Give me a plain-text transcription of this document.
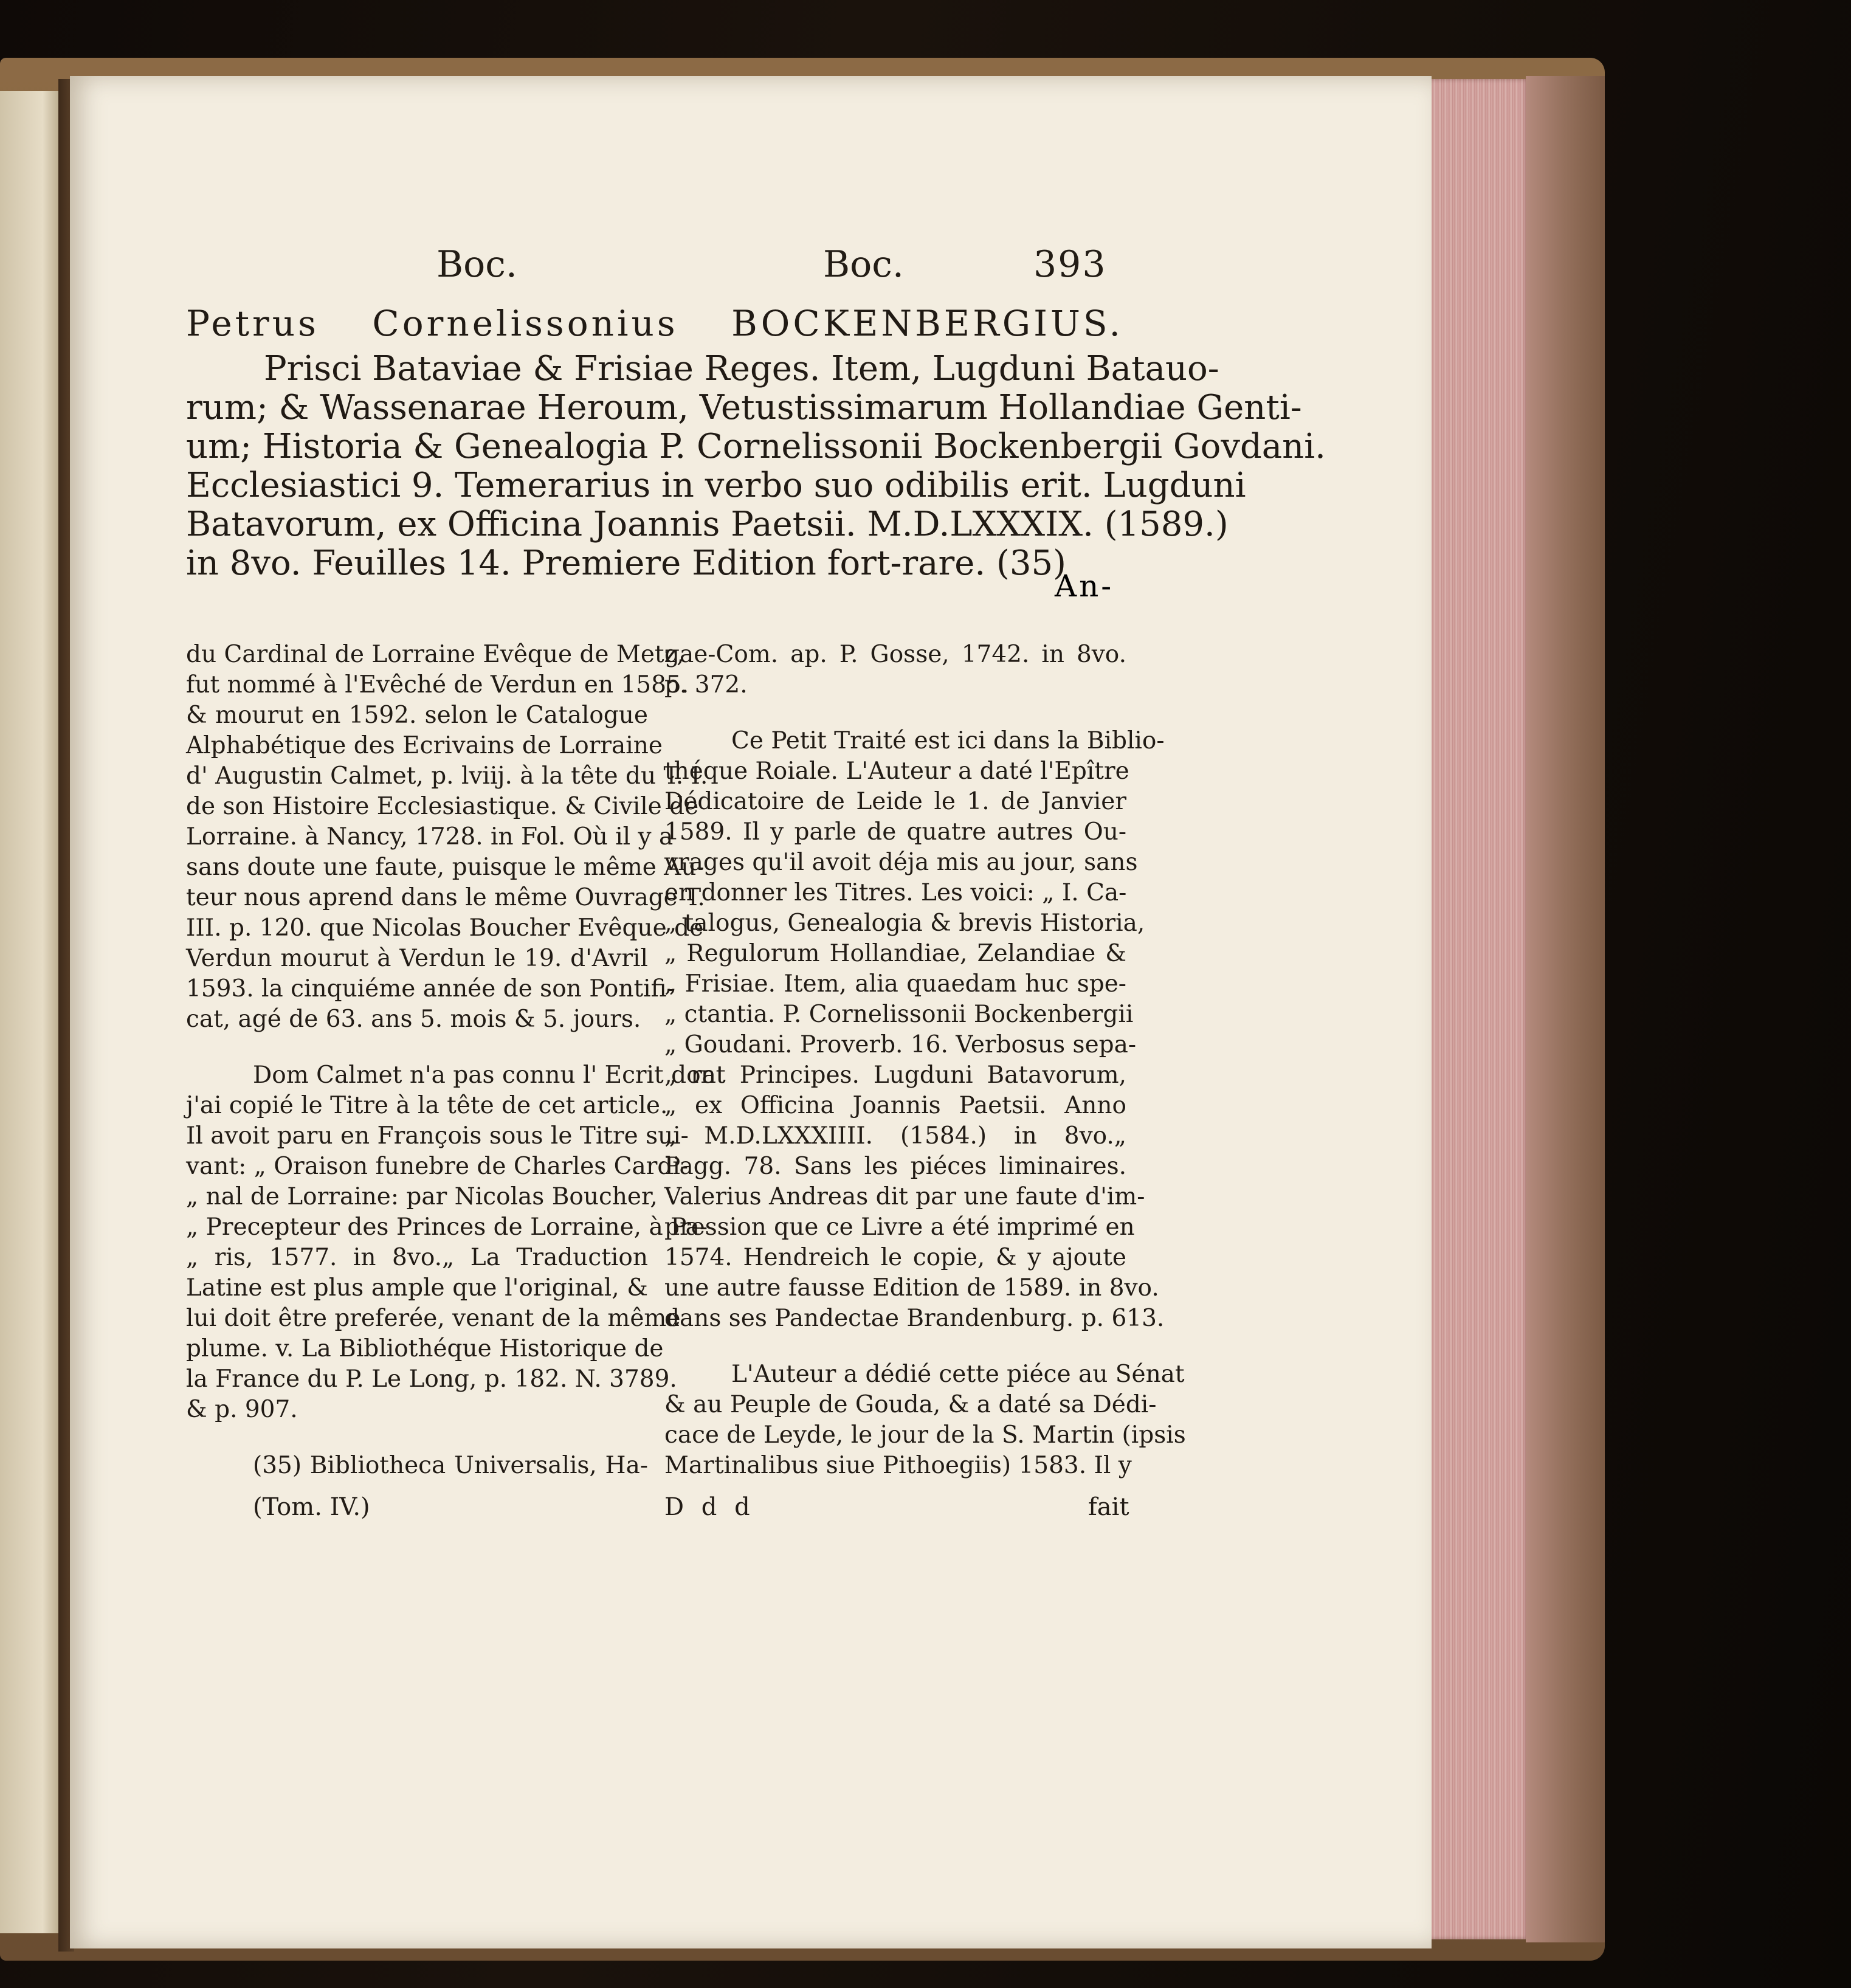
Boc.	Boc.	393
Petrus Cornelissonius BOCKENBERGIUS.
Prisci Bataviae & Frisiae Reges. Item, Lugduni Batauo-
rum; & Wassenarae Heroum, Vetustissimarum Hollandiae Genti-
um; Historia & Genealogia P. Cornelissonii Bockenbergii Govdani.
Ecclesiastici 9. Temerarius in verbo suo odibilis erit. Lugduni
Batavorum, ex Officina Joannis Paetsii. M.D.LXXXIX. (1589.)
in 8vo. Feuilles 14. Premiere Edition fort-rare. (35)
An-
du Cardinal de Lorraine Evêque de Metz,
fut nommé à l'Evêché de Verdun en 1585.
& mourut en 1592. selon le Catalogue
Alphabétique des Ecrivains de Lorraine
d' Augustin Calmet, p. lviij. à la tête du T. I.
de son Histoire Ecclesiastique. & Civile de
Lorraine. à Nancy, 1728. in Fol. Où il y a
sans doute une faute, puisque le même Au-
teur nous aprend dans le même Ouvrage T.
III. p. 120. que Nicolas Boucher Evêque de
Verdun mourut à Verdun le 19. d'Avril
1593. la cinquiéme année de son Pontifi-
cat, agé de 63. ans 5. mois & 5. jours.
Dom Calmet n'a pas connu l' Ecrit dont
j'ai copié le Titre à la tête de cet article.
Il avoit paru en François sous le Titre sui-
vant: „ Oraison funebre de Charles Cardi-
„ nal de Lorraine: par Nicolas Boucher,
„ Precepteur des Princes de Lorraine, à Pa-
„ ris, 1577. in 8vo.„ La Traduction
Latine est plus ample que l'original, &
lui doit être preferée, venant de la même
plume. v. La Bibliothéque Historique de
la France du P. Le Long, p. 182. N. 3789.
& p. 907.
(35) Bibliotheca Universalis, Ha-
gae-Com. ap. P. Gosse, 1742. in 8vo.
p. 372.
Ce Petit Traité est ici dans la Biblio-
théque Roiale. L'Auteur a daté l'Epître
Dédicatoire de Leide le 1. de Janvier
1589. Il y parle de quatre autres Ou-
vrages qu'il avoit déja mis au jour, sans
en donner les Titres. Les voici: „ I. Ca-
„ talogus, Genealogia & brevis Historia,
„ Regulorum Hollandiae, Zelandiae &
„ Frisiae. Item, alia quaedam huc spe-
„ ctantia. P. Cornelissonii Bockenbergii
„ Goudani. Proverb. 16. Verbosus sepa-
„ rat Principes. Lugduni Batavorum,
„ ex Officina Joannis Paetsii. Anno
„ M.D.LXXXIIII. (1584.) in 8vo.„
Pagg. 78. Sans les piéces liminaires.
Valerius Andreas dit par une faute d'im-
pression que ce Livre a été imprimé en
1574. Hendreich le copie, & y ajoute
une autre fausse Edition de 1589. in 8vo.
dans ses Pandectae Brandenburg. p. 613.
L'Auteur a dédié cette piéce au Sénat
& au Peuple de Gouda, & a daté sa Dédi-
cace de Leyde, le jour de la S. Martin (ipsis
Martinalibus siue Pithoegiis) 1583. Il y
(Tom. IV.)	D d d	fait
